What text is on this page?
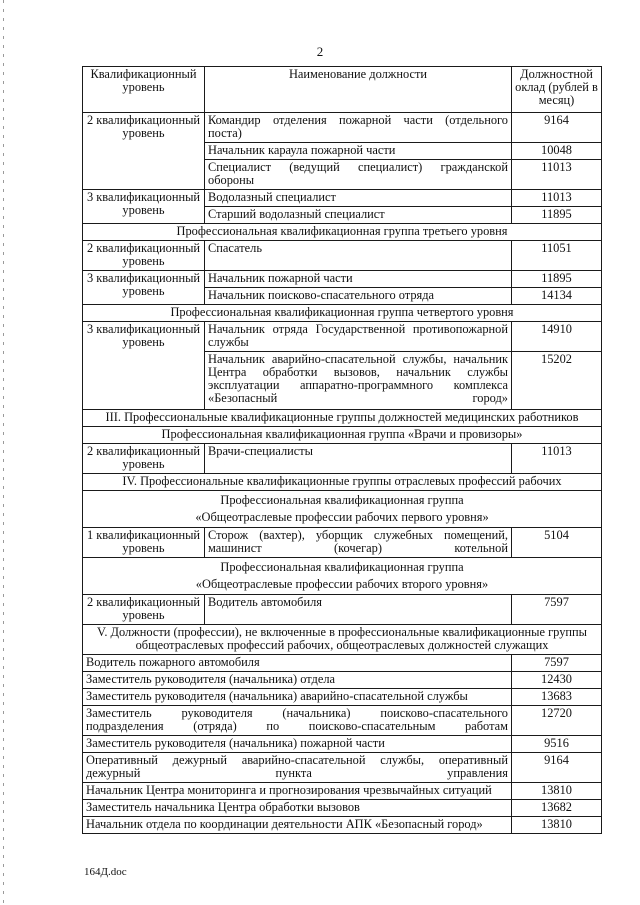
2
Квалификационный уровень	Наименование должности	Должностной оклад (рублей в месяц)
2 квалификационный уровень	Командир отделения пожарной части (отдельного поста)	9164
	Начальник караула пожарной части	10048
	Специалист (ведущий специалист) гражданской обороны	11013
3 квалификационный уровень	Водолазный специалист	11013
	Старший водолазный специалист	11895
Профессиональная квалификационная группа третьего уровня		
2 квалификационный уровень	Спасатель	11051
3 квалификационный уровень	Начальник пожарной части	11895
	Начальник поисково-спасательного отряда	14134
Профессиональная квалификационная группа четвертого уровня		
3 квалификационный уровень	Начальник отряда Государственной противопожарной службы	14910
	Начальник аварийно-спасательной службы, начальник Центра обработки вызовов, начальник службы эксплуатации аппаратно-программного комплекса «Безопасный город»	15202
III. Профессиональные квалификационные группы должностей медицинских работников		
Профессиональная квалификационная группа «Врачи и провизоры»		
2 квалификационный уровень	Врачи-специалисты	11013
IV. Профессиональные квалификационные группы отраслевых профессий рабочих		

Профессиональная квалификационная группа
«Общеотраслевые профессии рабочих первого уровня»		

1 квалификационный уровень	Сторож (вахтер), уборщик служебных помещений, машинист (кочегар) котельной	5104

Профессиональная квалификационная группа
«Общеотраслевые профессии рабочих второго уровня»		

2 квалификационный уровень	Водитель автомобиля	7597
V. Должности (профессии), не включенные в профессиональные квалификационные группы общеотраслевых профессий рабочих, общеотраслевых должностей служащих		
Водитель пожарного автомобиля		7597
Заместитель руководителя (начальника) отдела		12430
Заместитель руководителя (начальника) аварийно-спасательной службы		13683
Заместитель руководителя (начальника) поисково-спасательного подразделения (отряда) по поисково-спасательным работам		12720
Заместитель руководителя (начальника) пожарной части		9516
Оперативный дежурный аварийно-спасательной службы, оперативный дежурный пункта управления		9164
Начальник Центра мониторинга и прогнозирования чрезвычайных ситуаций		13810
Заместитель начальника Центра обработки вызовов		13682
Начальник отдела по координации деятельности АПК «Безопасный город»		13810
164Д.doc
